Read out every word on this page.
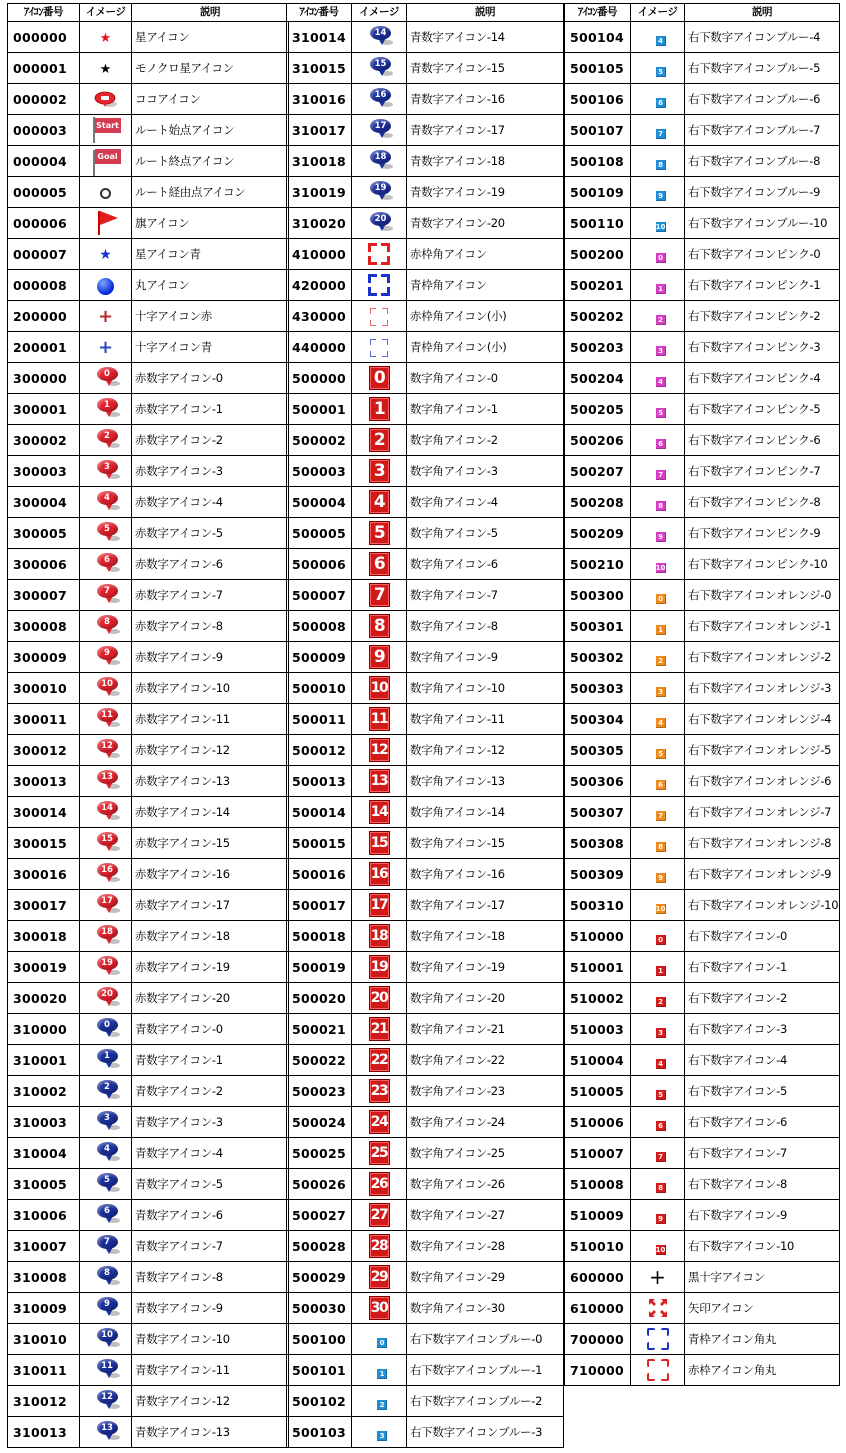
ｱｲｺﾝ番号	イメージ	説明
000000	★	星アイコン
000001	★	モノクロ星アイコン
000002		ココアイコン
000003	Start	ルート始点アイコン
000004	Goal	ルート終点アイコン
000005		ルート経由点アイコン
000006		旗アイコン
000007	★	星アイコン青
000008		丸アイコン
200000	+	十字アイコン赤
200001	+	十字アイコン青
300000	0	赤数字アイコン-0
300001	1	赤数字アイコン-1
300002	2	赤数字アイコン-2
300003	3	赤数字アイコン-3
300004	4	赤数字アイコン-4
300005	5	赤数字アイコン-5
300006	6	赤数字アイコン-6
300007	7	赤数字アイコン-7
300008	8	赤数字アイコン-8
300009	9	赤数字アイコン-9
300010	10	赤数字アイコン-10
300011	11	赤数字アイコン-11
300012	12	赤数字アイコン-12
300013	13	赤数字アイコン-13
300014	14	赤数字アイコン-14
300015	15	赤数字アイコン-15
300016	16	赤数字アイコン-16
300017	17	赤数字アイコン-17
300018	18	赤数字アイコン-18
300019	19	赤数字アイコン-19
300020	20	赤数字アイコン-20
310000	0	青数字アイコン-0
310001	1	青数字アイコン-1
310002	2	青数字アイコン-2
310003	3	青数字アイコン-3
310004	4	青数字アイコン-4
310005	5	青数字アイコン-5
310006	6	青数字アイコン-6
310007	7	青数字アイコン-7
310008	8	青数字アイコン-8
310009	9	青数字アイコン-9
310010	10	青数字アイコン-10
310011	11	青数字アイコン-11
310012	12	青数字アイコン-12
310013	13	青数字アイコン-13
ｱｲｺﾝ番号	イメージ	説明
310014	14	青数字アイコン-14
310015	15	青数字アイコン-15
310016	16	青数字アイコン-16
310017	17	青数字アイコン-17
310018	18	青数字アイコン-18
310019	19	青数字アイコン-19
310020	20	青数字アイコン-20
410000		赤枠角アイコン
420000		青枠角アイコン
430000		赤枠角アイコン(小)
440000		青枠角アイコン(小)
500000	0	数字角アイコン-0
500001	1	数字角アイコン-1
500002	2	数字角アイコン-2
500003	3	数字角アイコン-3
500004	4	数字角アイコン-4
500005	5	数字角アイコン-5
500006	6	数字角アイコン-6
500007	7	数字角アイコン-7
500008	8	数字角アイコン-8
500009	9	数字角アイコン-9
500010	10	数字角アイコン-10
500011	11	数字角アイコン-11
500012	12	数字角アイコン-12
500013	13	数字角アイコン-13
500014	14	数字角アイコン-14
500015	15	数字角アイコン-15
500016	16	数字角アイコン-16
500017	17	数字角アイコン-17
500018	18	数字角アイコン-18
500019	19	数字角アイコン-19
500020	20	数字角アイコン-20
500021	21	数字角アイコン-21
500022	22	数字角アイコン-22
500023	23	数字角アイコン-23
500024	24	数字角アイコン-24
500025	25	数字角アイコン-25
500026	26	数字角アイコン-26
500027	27	数字角アイコン-27
500028	28	数字角アイコン-28
500029	29	数字角アイコン-29
500030	30	数字角アイコン-30
500100	0	右下数字アイコンブルー-0
500101	1	右下数字アイコンブルー-1
500102	2	右下数字アイコンブルー-2
500103	3	右下数字アイコンブルー-3
ｱｲｺﾝ番号	イメージ	説明
500104	4	右下数字アイコンブルー-4
500105	5	右下数字アイコンブルー-5
500106	6	右下数字アイコンブルー-6
500107	7	右下数字アイコンブルー-7
500108	8	右下数字アイコンブルー-8
500109	9	右下数字アイコンブルー-9
500110	10	右下数字アイコンブルー-10
500200	0	右下数字アイコンピンク-0
500201	1	右下数字アイコンピンク-1
500202	2	右下数字アイコンピンク-2
500203	3	右下数字アイコンピンク-3
500204	4	右下数字アイコンピンク-4
500205	5	右下数字アイコンピンク-5
500206	6	右下数字アイコンピンク-6
500207	7	右下数字アイコンピンク-7
500208	8	右下数字アイコンピンク-8
500209	9	右下数字アイコンピンク-9
500210	10	右下数字アイコンピンク-10
500300	0	右下数字アイコンオレンジ-0
500301	1	右下数字アイコンオレンジ-1
500302	2	右下数字アイコンオレンジ-2
500303	3	右下数字アイコンオレンジ-3
500304	4	右下数字アイコンオレンジ-4
500305	5	右下数字アイコンオレンジ-5
500306	6	右下数字アイコンオレンジ-6
500307	7	右下数字アイコンオレンジ-7
500308	8	右下数字アイコンオレンジ-8
500309	9	右下数字アイコンオレンジ-9
500310	10	右下数字アイコンオレンジ-10
510000	0	右下数字アイコン-0
510001	1	右下数字アイコン-1
510002	2	右下数字アイコン-2
510003	3	右下数字アイコン-3
510004	4	右下数字アイコン-4
510005	5	右下数字アイコン-5
510006	6	右下数字アイコン-6
510007	7	右下数字アイコン-7
510008	8	右下数字アイコン-8
510009	9	右下数字アイコン-9
510010	10	右下数字アイコン-10
600000	+	黒十字アイコン
610000		矢印アイコン
700000		青枠アイコン角丸
710000		赤枠アイコン角丸
